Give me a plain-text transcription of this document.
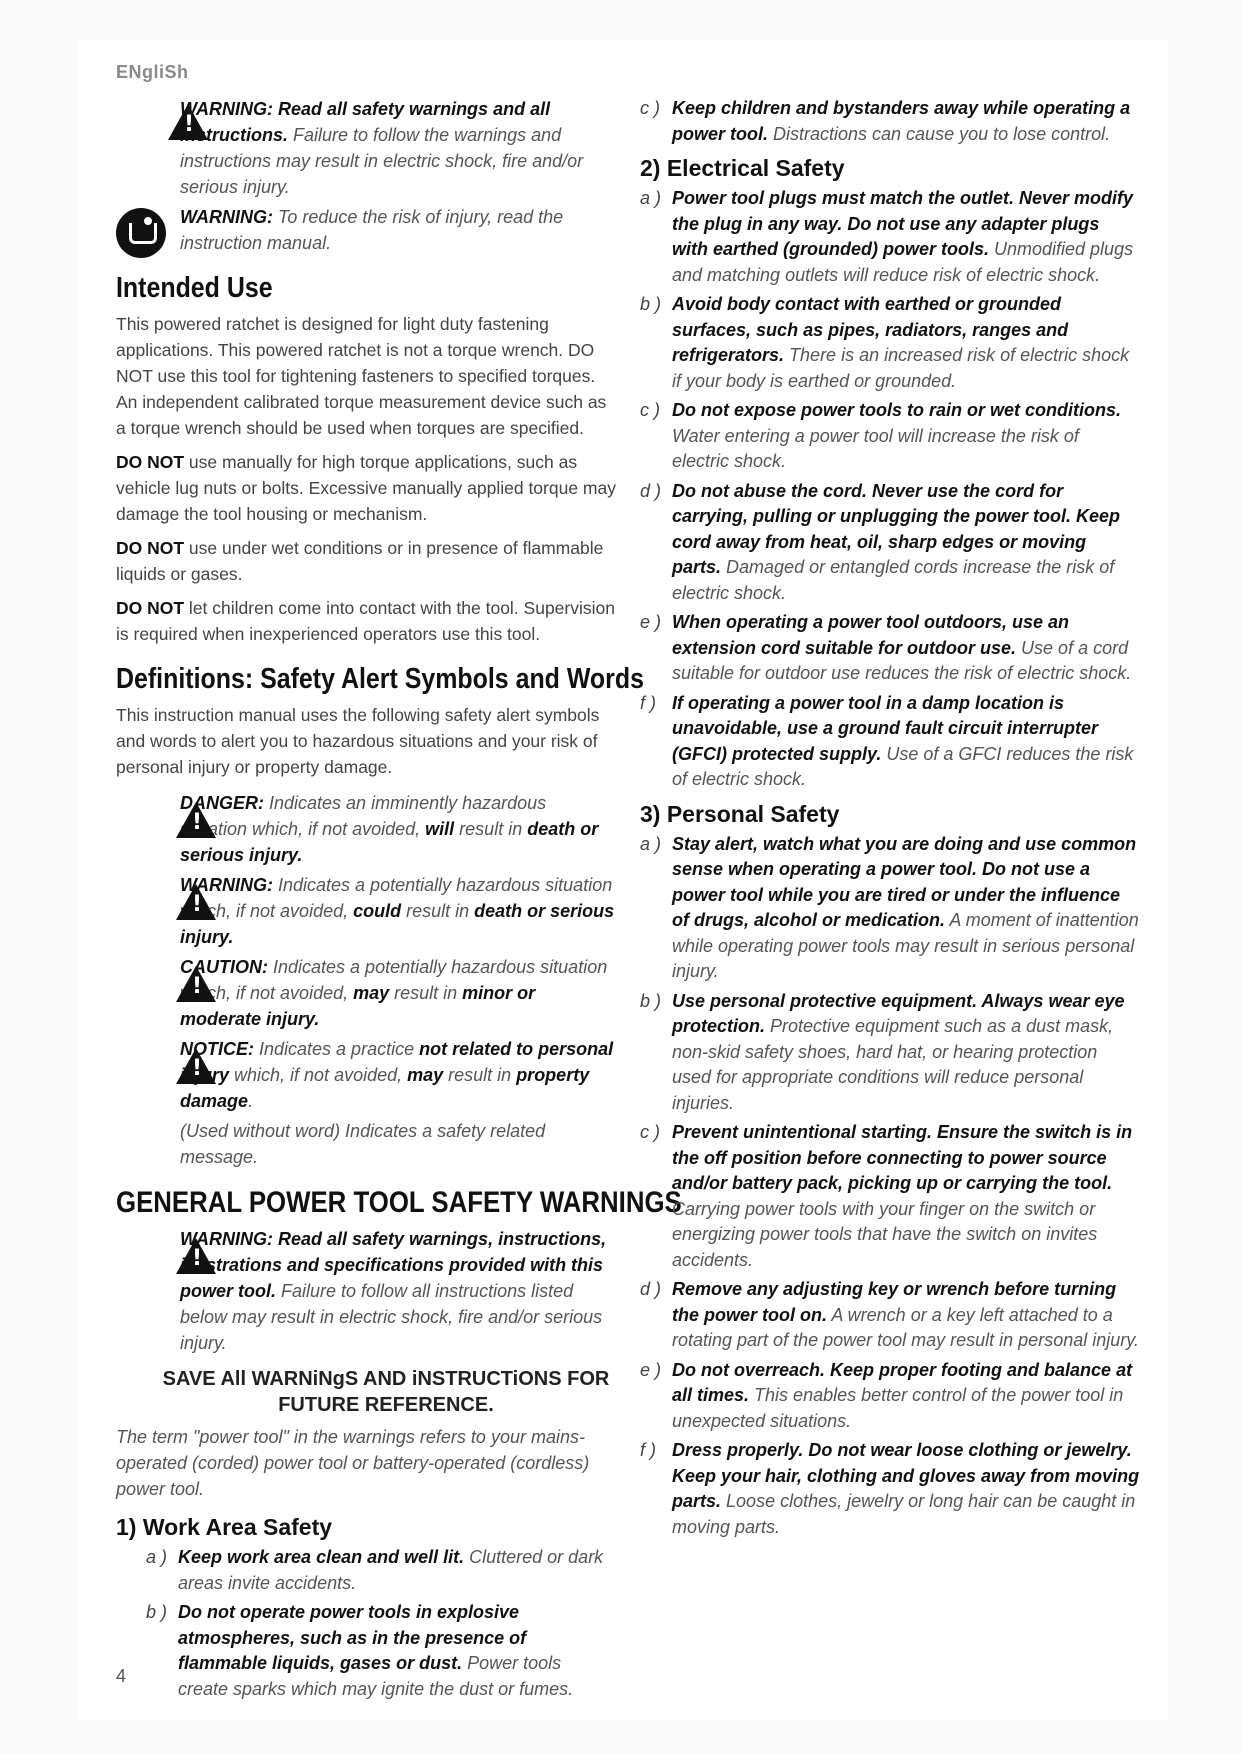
ENgliSh
!
WARNING: Read all safety warnings and all instructions. Failure to follow the warnings and instructions may result in electric shock, fire and/or serious injury.
WARNING: To reduce the risk of injury, read the instruction manual.
Intended Use

This powered ratchet is designed for light duty fastening applications. This powered ratchet is not a torque wrench. DO NOT use this tool for tightening fasteners to specified torques. An independent calibrated torque measurement device such as a torque wrench should be used when torques are specified.

DO NOT use manually for high torque applications, such as vehicle lug nuts or bolts. Excessive manually applied torque may damage the tool housing or mechanism.

DO NOT use under wet conditions or in presence of flammable liquids or gases.

DO NOT let children come into contact with the tool. Supervision is required when inexperienced operators use this tool.

Definitions: Safety Alert Symbols and Words

This instruction manual uses the following safety alert symbols and words to alert you to hazardous situations and your risk of personal injury or property damage.

!
DANGER: Indicates an imminently hazardous situation which, if not avoided, will result in death or serious injury.
!
WARNING: Indicates a potentially hazardous situation which, if not avoided, could result in death or serious injury.
!
CAUTION: Indicates a potentially hazardous situation which, if not avoided, may result in minor or moderate injury.
!
NOTICE: Indicates a practice not related to personal injury which, if not avoided, may result in property damage.

(Used without word) Indicates a safety related message.

GENERAL POWER TOOL SAFETY WARNINGS
!
WARNING: Read all safety warnings, instructions, illustrations and specifications provided with this power tool. Failure to follow all instructions listed below may result in electric shock, fire and/or serious injury.

SAVE All WARNiNgS AND iNSTRUCTiONS FOR FUTURE REFERENCE.

The term "power tool" in the warnings refers to your mains-operated (corded) power tool or battery-operated (cordless) power tool.

1) Work Area Safety
a ) Keep work area clean and well lit. Cluttered or dark areas invite accidents.
b ) Do not operate power tools in explosive atmospheres, such as in the presence of flammable liquids, gases or dust. Power tools create sparks which may ignite the dust or fumes.
c ) Keep children and bystanders away while operating a power tool. Distractions can cause you to lose control.
2) Electrical Safety
a ) Power tool plugs must match the outlet. Never modify the plug in any way. Do not use any adapter plugs with earthed (grounded) power tools. Unmodified plugs and matching outlets will reduce risk of electric shock.
b ) Avoid body contact with earthed or grounded surfaces, such as pipes, radiators, ranges and refrigerators. There is an increased risk of electric shock if your body is earthed or grounded.
c ) Do not expose power tools to rain or wet conditions. Water entering a power tool will increase the risk of electric shock.
d ) Do not abuse the cord. Never use the cord for carrying, pulling or unplugging the power tool. Keep cord away from heat, oil, sharp edges or moving parts. Damaged or entangled cords increase the risk of electric shock.
e ) When operating a power tool outdoors, use an extension cord suitable for outdoor use. Use of a cord suitable for outdoor use reduces the risk of electric shock.
f ) If operating a power tool in a damp location is unavoidable, use a ground fault circuit interrupter (GFCI) protected supply. Use of a GFCI reduces the risk of electric shock.
3) Personal Safety
a ) Stay alert, watch what you are doing and use common sense when operating a power tool. Do not use a power tool while you are tired or under the influence of drugs, alcohol or medication. A moment of inattention while operating power tools may result in serious personal injury.
b ) Use personal protective equipment. Always wear eye protection. Protective equipment such as a dust mask, non-skid safety shoes, hard hat, or hearing protection used for appropriate conditions will reduce personal injuries.
c ) Prevent unintentional starting. Ensure the switch is in the off position before connecting to power source and/or battery pack, picking up or carrying the tool. Carrying power tools with your finger on the switch or energizing power tools that have the switch on invites accidents.
d ) Remove any adjusting key or wrench before turning the power tool on. A wrench or a key left attached to a rotating part of the power tool may result in personal injury.
e ) Do not overreach. Keep proper footing and balance at all times. This enables better control of the power tool in unexpected situations.
f ) Dress properly. Do not wear loose clothing or jewelry. Keep your hair, clothing and gloves away from moving parts. Loose clothes, jewelry or long hair can be caught in moving parts.
4
